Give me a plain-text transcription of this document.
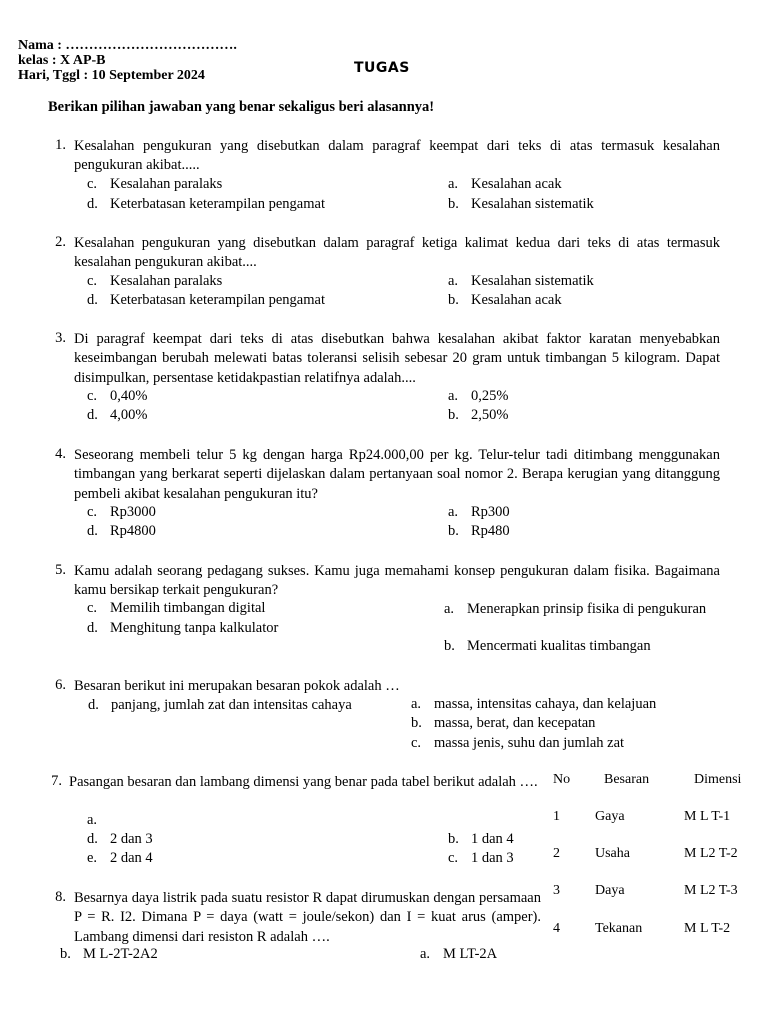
Nama : ……………………………….
kelas : X AP-B
Hari, Tggl : 10 September 2024	TUGAS
Berikan pilihan jawaban yang benar sekaligus beri alasannya!
1. Kesalahan pengukuran yang disebutkan dalam paragraf keempat dari teks di atas termasuk kesalahan pengukuran akibat.....
c. Kesalahan paralaks	a. Kesalahan acak
d. Keterbatasan keterampilan pengamat	b. Kesalahan sistematik
2. Kesalahan pengukuran yang disebutkan dalam paragraf ketiga kalimat kedua dari teks di atas termasuk kesalahan pengukuran akibat....
c. Kesalahan paralaks	a. Kesalahan sistematik
d. Keterbatasan keterampilan pengamat	b. Kesalahan acak
3. Di paragraf keempat dari teks di atas disebutkan bahwa kesalahan akibat faktor karatan menyebabkan keseimbangan berubah melewati batas toleransi selisih sebesar 20 gram untuk timbangan 5 kilogram. Dapat disimpulkan, persentase ketidakpastian relatifnya adalah....
c. 0,40%	a. 0,25%
d. 4,00%	b. 2,50%
4. Seseorang membeli telur 5 kg dengan harga Rp24.000,00 per kg. Telur-telur tadi ditimbang menggunakan timbangan yang berkarat seperti dijelaskan dalam pertanyaan soal nomor 2. Berapa kerugian yang ditanggung pembeli akibat kesalahan pengukuran itu?
c. Rp3000	a. Rp300
d. Rp4800	b. Rp480
5. Kamu adalah seorang pedagang sukses. Kamu juga memahami konsep pengukuran dalam fisika. Bagaimana kamu bersikap terkait pengukuran?
c. Memilih timbangan digital	a. Menerapkan prinsip fisika di pengukuran
d. Menghitung tanpa kalkulator
b. Mencermati kualitas timbangan
6. Besaran berikut ini merupakan besaran pokok adalah …
d. panjang, jumlah zat dan intensitas cahaya	a. massa, intensitas cahaya, dan kelajuan
b. massa, berat, dan kecepatan
c. massa jenis, suhu dan jumlah zat
7. Pasangan besaran dan lambang dimensi yang benar pada tabel berikut adalah ….
a.
d. 2 dan 3	b. 1 dan 4
e. 2 dan 4	c. 1 dan 3
8. Besarnya daya listrik pada suatu resistor R dapat dirumuskan dengan persamaan P = R. I2. Dimana P = daya (watt = joule/sekon) dan I = kuat arus (amper). Lambang dimensi dari resiston R adalah ….
b. M L-2T-2A2	a. M LT-2A
No Besaran	Dimensi
1	Gaya	M L T-1
2	Usaha	M L2 T-2
3	Daya	M L2 T-3
4	Tekanan	M L T-2
